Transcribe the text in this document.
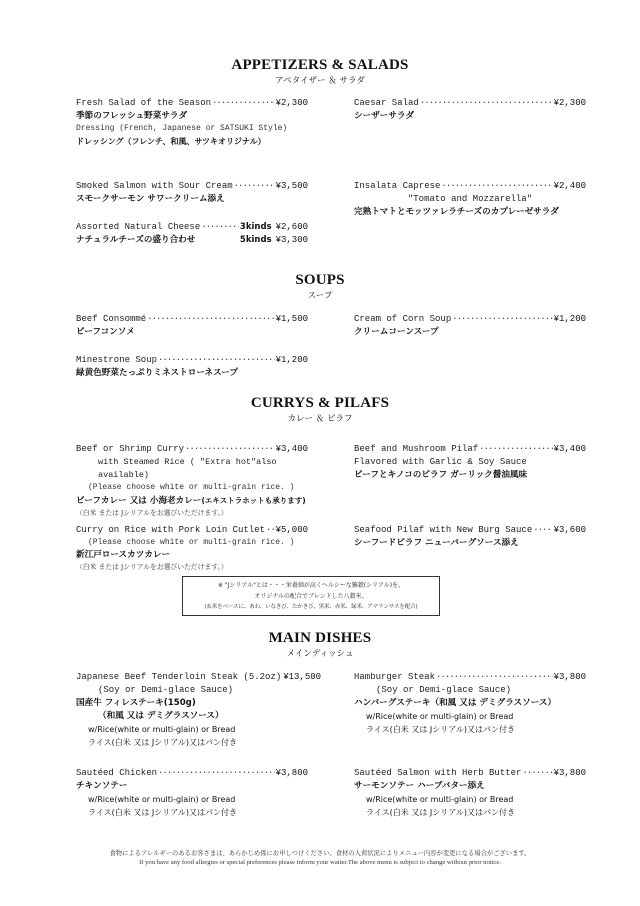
APPETIZERS & SALADS
アペタイザー ＆ サラダ
Fresh Salad of the Season ·····	¥2,300
季節のフレッシュ野菜サラダ
Dressing (French, Japanese or SATSUKI Style)
ドレッシング（フレンチ、和風、サツキオリジナル）
Caesar Salad ·····	¥2,300
シーザーサラダ
Smoked Salmon with Sour Cream ·····	¥3,500
スモークサーモン サワークリーム添え
Insalata Caprese ·····	¥2,400
"Tomato and Mozzarella"
完熟トマトとモッツァレラチーズのカプレーゼサラダ
Assorted Natural Cheese ·····	3kinds ¥2,600
ナチュラルチーズの盛り合わせ	5kinds ¥3,300
SOUPS
スープ
Beef Consommé ·····	¥1,500
ビーフコンソメ
Cream of Corn Soup ·····	¥1,200
クリームコーンスープ
Minestrone Soup ·····	¥1,200
緑黄色野菜たっぷりミネストローネスープ
CURRYS & PILAFS
カレー ＆ ピラフ
Beef or Shrimp Curry ·····	¥3,400
with Steamed Rice ( "Extra hot"also available)
(Please choose white or multi-grain rice. )
ビーフカレー 又は 小海老カレー(エキストラホットも承ります)
（白米 または Jシリアルをお選びいただけます。）
Beef and Mushroom Pilaf ·····	¥3,400
Flavored with Garlic & Soy Sauce
ビーフとキノコのピラフ ガーリック醤油風味
Curry on Rice with Pork Loin Cutlet ····· ¥5,000
(Please choose white or multi-grain rice. )
新江戸ロースカツカレー
（白米 または Jシリアルをお選びいただけます。）
Seafood Pilaf with New Burg Sauce ····· ¥3,600
シーフードピラフ ニューバーグソース添え
※ "Jシリアル"とは・・・栄養価が高くヘルシーな雑穀(シリアル)を、
オリジナルの配合でブレンドした八穀米。
(玄米をベースに、あわ、いなきび、たかきび、黒米、赤米、緑米、アマランサスを配合)
MAIN DISHES
メインディッシュ
Japanese Beef Tenderloin Steak (5.2oz) ¥13,500
(Soy or Demi-glace Sauce)
国産牛 フィレステーキ(150g)
（和風 又は デミグラスソース）
w/Rice(white or multi-glain) or Bread
ライス(白米 又は Jシリアル)又はパン付き
Hamburger Steak ·····	¥3,800
(Soy or Demi-glace Sauce)
ハンバーグステーキ（和風 又は デミグラスソース）
w/Rice(white or multi-glain) or Bread
ライス(白米 又は Jシリアル)又はパン付き
Sautéed Chicken ·····	¥3,800
チキンソテー
w/Rice(white or multi-glain) or Bread
ライス(白米 又は Jシリアル)又はパン付き
Sautéed Salmon with Herb Butter ·····	¥3,800
サーモンソテー ハーブバター添え
w/Rice(white or multi-glain) or Bread
ライス(白米 又は Jシリアル)又はパン付き
食物によるアレルギーのあるお客さまは、あらかじめ係にお申しつけください。食材の入荷状況によりメニュー内容が変更になる場合がございます。
If you have any food allergies or special preferences please inform your waiter.The above menu is subject to change without prior notice.
